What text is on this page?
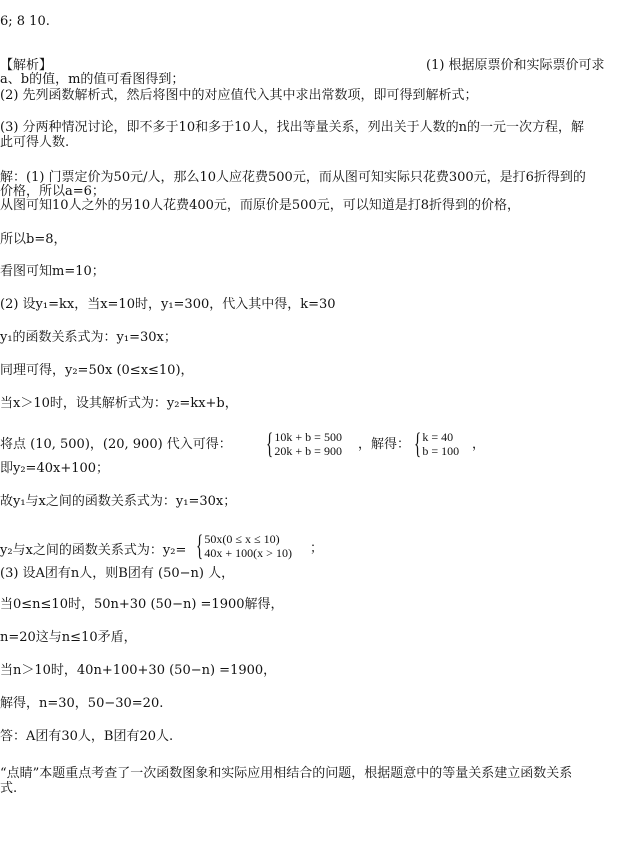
6; 8 10.
【解析】	(1) 根据原票价和实际票价可求
a、b的值，m的值可看图得到；
(2) 先列函数解析式，然后将图中的对应值代入其中求出常数项，即可得到解析式；
(3) 分两种情况讨论，即不多于10和多于10人，找出等量关系，列出关于人数的n的一元一次方程，解
此可得人数.
解：(1) 门票定价为50元/人，那么10人应花费500元，而从图可知实际只花费300元，是打6折得到的
价格，所以a=6；
从图可知10人之外的另10人花费400元，而原价是500元，可以知道是打8折得到的价格，
所以b=8，
看图可知m=10；
(2) 设y₁=kx，当x=10时，y₁=300，代入其中得，k=30
y₁的函数关系式为：y₁=30x；
同理可得，y₂=50x (0≤x≤10)，
当x＞10时，设其解析式为：y₂=kx+b，
将点 (10, 500)，(20, 900) 代入可得： { 10k + b = 500
20k + b = 900 ，解得： { k = 40
b = 100 ，
即y₂=40x+100；
故y₁与x之间的函数关系式为：y₁=30x；
y₂与x之间的函数关系式为：y₂= { 50x(0 ≤ x ≤ 10)
40x + 100(x > 10) ；
(3) 设A团有n人，则B团有 (50−n) 人，
当0≤n≤10时，50n+30 (50−n) =1900解得，
n=20这与n≤10矛盾，
当n＞10时，40n+100+30 (50−n) =1900，
解得，n=30，50−30=20.
答：A团有30人，B团有20人.
“点睛”本题重点考查了一次函数图象和实际应用相结合的问题，根据题意中的等量关系建立函数关系
式.
